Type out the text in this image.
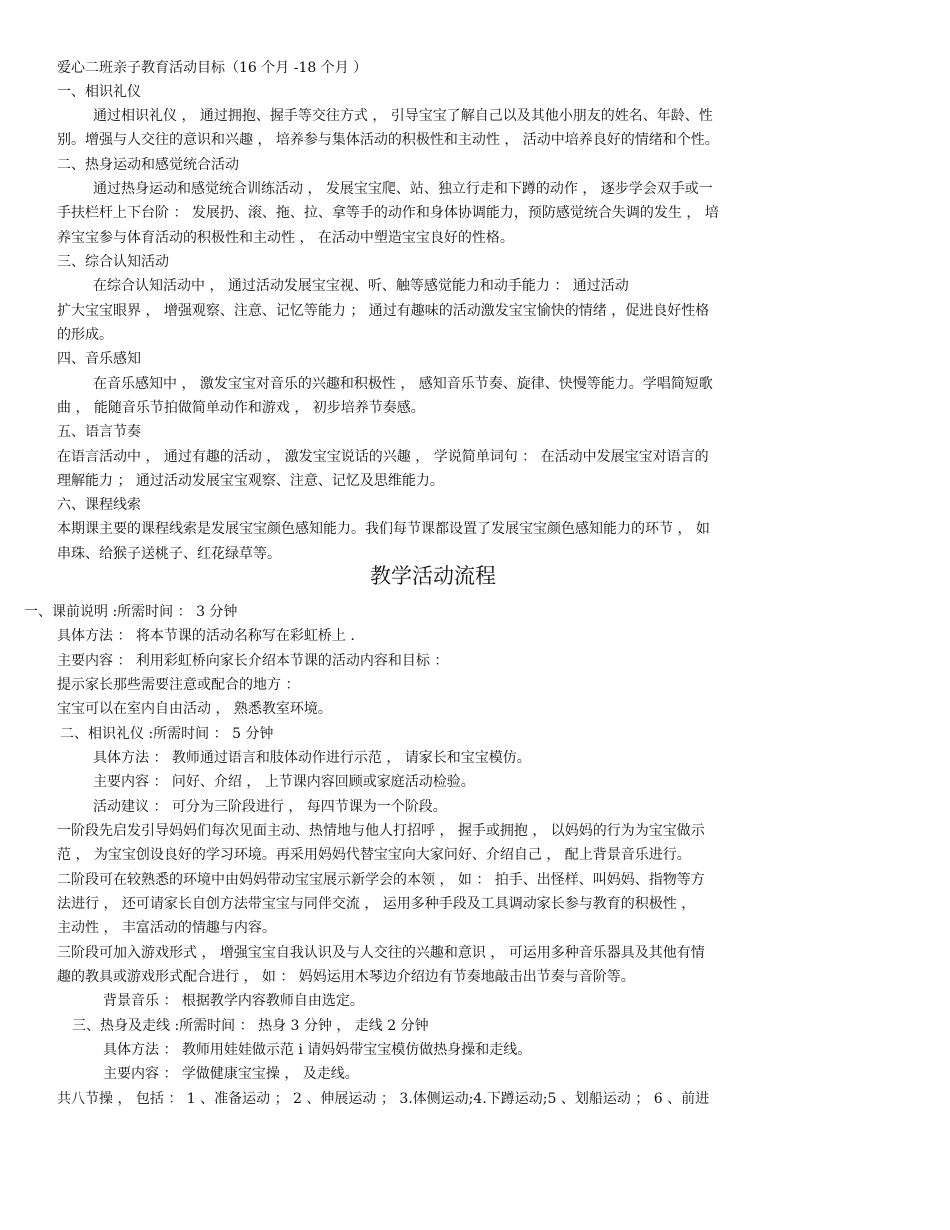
爱心二班亲子教育活动目标（16 个月 -18 个月 ）
一、相识礼仪
通过相识礼仪 ， 通过拥抱、握手等交往方式 ， 引导宝宝了解自己以及其他小朋友的姓名、年龄、性
别。增强与人交往的意识和兴趣 ， 培养参与集体活动的积极性和主动性 ， 活动中培养良好的情绪和个性。
二、热身运动和感觉统合活动
通过热身运动和感觉统合训练活动 ， 发展宝宝爬、站、独立行走和下蹲的动作 ， 逐步学会双手或一
手扶栏杆上下台阶 ： 发展扔、滚、拖、拉、拿等手的动作和身体协调能力，预防感觉统合失调的发生 ， 培
养宝宝参与体育活动的积极性和主动性 ， 在活动中塑造宝宝良好的性格。
三、综合认知活动
在综合认知活动中 ， 通过活动发展宝宝视、听、触等感觉能力和动手能力 ： 通过活动
扩大宝宝眼界 ， 增强观察、注意、记忆等能力 ； 通过有趣味的活动激发宝宝愉快的情绪 ，促进良好性格
的形成。
四、音乐感知
在音乐感知中 ， 激发宝宝对音乐的兴趣和积极性 ， 感知音乐节奏、旋律、快慢等能力。学唱简短歌
曲 ， 能随音乐节拍做简单动作和游戏 ， 初步培养节奏感。
五、语言节奏
在语言活动中 ， 通过有趣的活动 ， 激发宝宝说话的兴趣 ， 学说简单词句 ： 在活动中发展宝宝对语言的
理解能力 ； 通过活动发展宝宝观察、注意、记忆及思维能力。
六、课程线索
本期课主要的课程线索是发展宝宝颜色感知能力。我们每节课都设置了发展宝宝颜色感知能力的环节 ， 如
串珠、给猴子送桃子、红花绿草等。
教学活动流程
一、课前说明 :所需时间 ： 3 分钟
具体方法 ： 将本节课的活动名称写在彩虹桥上 .
主要内容 ： 利用彩虹桥向家长介绍本节课的活动内容和目标 ：
提示家长那些需要注意或配合的地方 ：
宝宝可以在室内自由活动 ， 熟悉教室环境。
二、相识礼仪 :所需时间 ： 5 分钟
具体方法 ： 教师通过语言和肢体动作进行示范 ， 请家长和宝宝模仿。
主要内容 ： 问好、介绍 ， 上节课内容回顾或家庭活动检验。
活动建议 ： 可分为三阶段进行 ， 每四节课为一个阶段。
一阶段先启发引导妈妈们每次见面主动、热情地与他人打招呼 ， 握手或拥抱 ， 以妈妈的行为为宝宝做示
范 ， 为宝宝创设良好的学习环境。再采用妈妈代替宝宝向大家问好、介绍自己 ， 配上背景音乐进行。
二阶段可在较熟悉的环境中由妈妈带动宝宝展示新学会的本领 ， 如 ： 拍手、出怪样、叫妈妈、指物等方
法进行 ， 还可请家长自创方法带宝宝与同伴交流 ， 运用多种手段及工具调动家长参与教育的积极性 ，
主动性 ， 丰富活动的情趣与内容。
三阶段可加入游戏形式 ， 增强宝宝自我认识及与人交往的兴趣和意识 ， 可运用多种音乐器具及其他有情
趣的教具或游戏形式配合进行 ， 如 ： 妈妈运用木琴边介绍边有节奏地敲击出节奏与音阶等。
背景音乐 ： 根据教学内容教师自由选定。
三、热身及走线 :所需时间 ： 热身 3 分钟 ， 走线 2 分钟
具体方法 ： 教师用娃娃做示范 i 请妈妈带宝宝模仿做热身操和走线。
主要内容 ： 学做健康宝宝操 ， 及走线。
共八节操 ， 包括 ： 1 、准备运动 ； 2 、伸展运动 ； 3.体侧运动;4.下蹲运动;5 、划船运动 ； 6 、前进
